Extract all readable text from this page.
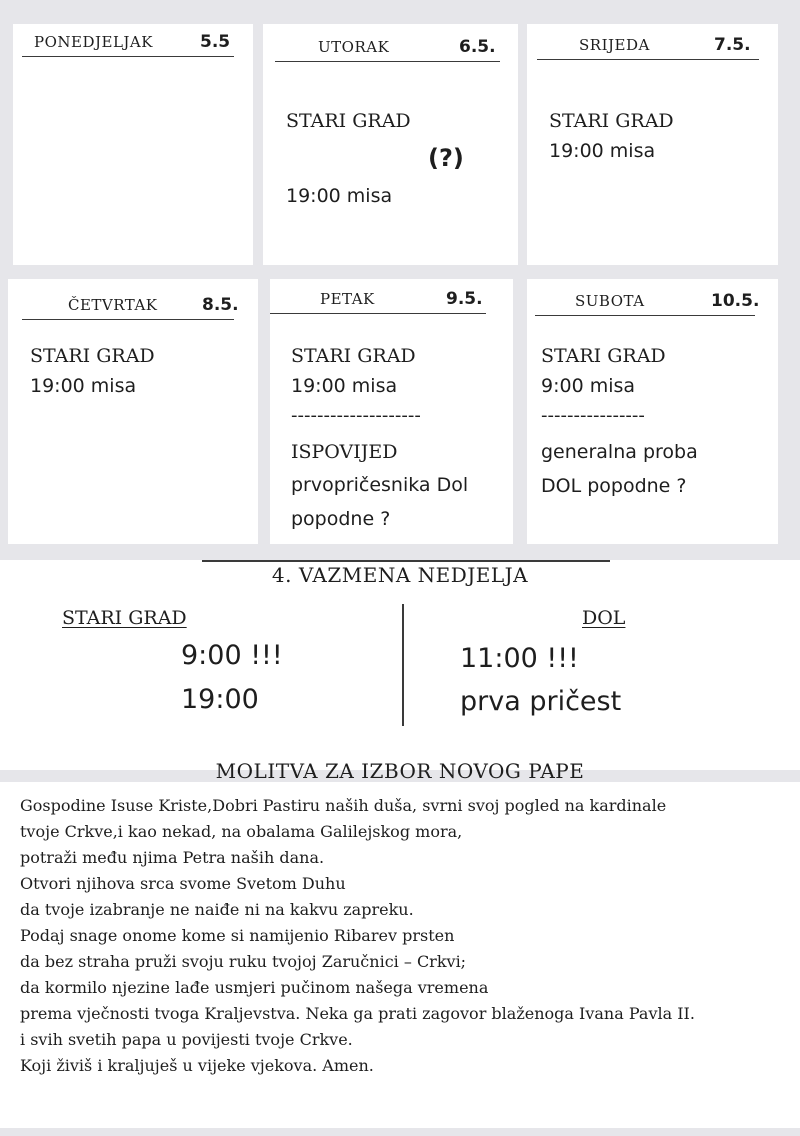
PONEDJELJAK	5.5	UTORAK	6.5.
STARI GRAD
(?)
19:00 misa
SRIJEDA	7.5.
STARI GRAD
19:00 misa
ČETVRTAK	8.5.
STARI GRAD
19:00 misa
PETAK	9.5.
STARI GRAD
19:00 misa
--------------------
ISPOVIJED
prvopričesnika Dol
popodne ?
SUBOTA	10.5.
STARI GRAD
9:00 misa
----------------
generalna proba
DOL popodne ?
4. VAZMENA NEDJELJA
STARI GRAD
9:00 !!!
19:00
DOL
11:00 !!!
prva pričest
MOLITVA ZA IZBOR NOVOG PAPE
Gospodine Isuse Kriste,Dobri Pastiru naših duša, svrni svoj pogled na kardinale
tvoje Crkve,i kao nekad, na obalama Galilejskog mora,
potraži među njima Petra naših dana.
Otvori njihova srca svome Svetom Duhu
da tvoje izabranje ne naiđe ni na kakvu zapreku.
Podaj snage onome kome si namijenio Ribarev prsten
da bez straha pruži svoju ruku tvojoj Zaručnici – Crkvi;
da kormilo njezine lađe usmjeri pučinom našega vremena
prema vječnosti tvoga Kraljevstva. Neka ga prati zagovor blaženoga Ivana Pavla II.
i svih svetih papa u povijesti tvoje Crkve.
Koji živiš i kraljuješ u vijeke vjekova. Amen.
